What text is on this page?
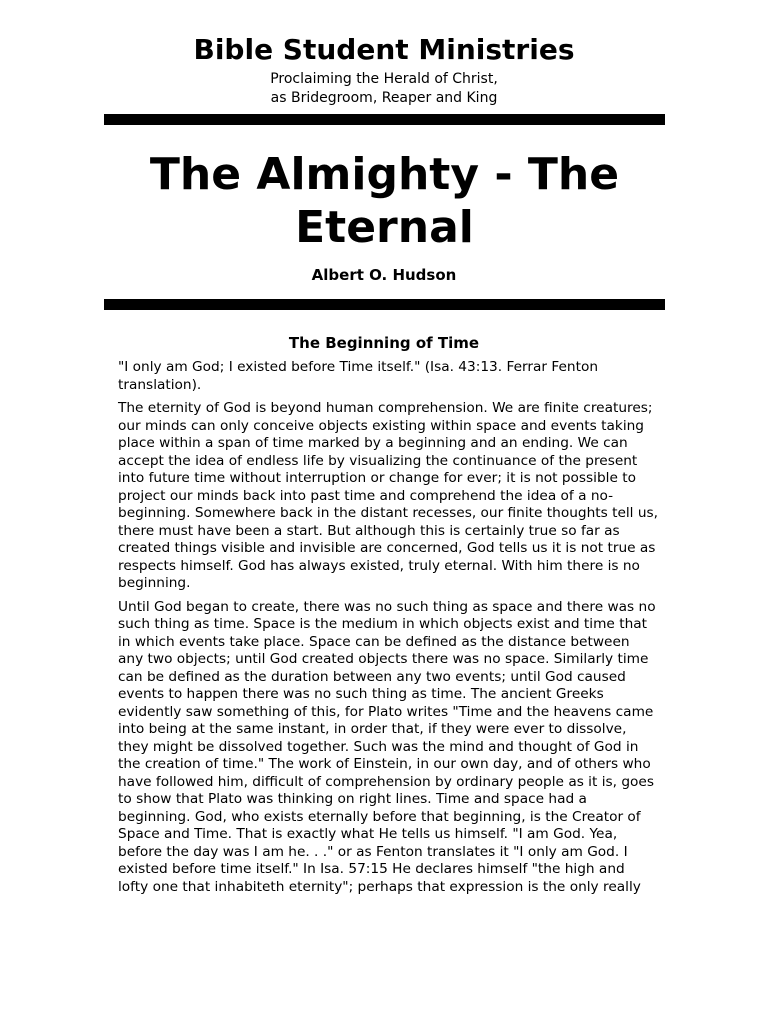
Bible Student Ministries
Proclaiming the Herald of Christ,
as Bridegroom, Reaper and King
The Almighty - The Eternal
Albert O. Hudson
The Beginning of Time

"I only am God; I existed before Time itself." (Isa. 43:13. Ferrar Fenton translation).

The eternity of God is beyond human comprehension. We are finite creatures; our minds can only conceive objects existing within space and events taking place within a span of time marked by a beginning and an ending. We can accept the idea of endless life by visualizing the continuance of the present into future time without interruption or change for ever; it is not possible to project our minds back into past time and comprehend the idea of a no-beginning. Somewhere back in the distant recesses, our finite thoughts tell us, there must have been a start. But although this is certainly true so far as created things visible and invisible are concerned, God tells us it is not true as respects himself. God has always existed, truly eternal. With him there is no beginning.

Until God began to create, there was no such thing as space and there was no such thing as time. Space is the medium in which objects exist and time that in which events take place. Space can be defined as the distance between any two objects; until God created objects there was no space. Similarly time can be defined as the duration between any two events; until God caused events to happen there was no such thing as time. The ancient Greeks evidently saw something of this, for Plato writes "Time and the heavens came into being at the same instant, in order that, if they were ever to dissolve, they might be dissolved together. Such was the mind and thought of God in the creation of time." The work of Einstein, in our own day, and of others who have followed him, difficult of comprehension by ordinary people as it is, goes to show that Plato was thinking on right lines. Time and space had a beginning. God, who exists eternally before that beginning, is the Creator of Space and Time. That is exactly what He tells us himself. "I am God. Yea, before the day was I am he. . ." or as Fenton translates it "I only am God. I existed before time itself." In Isa. 57:15 He declares himself "the high and lofty one that inhabiteth eternity"; perhaps that expression is the only really
